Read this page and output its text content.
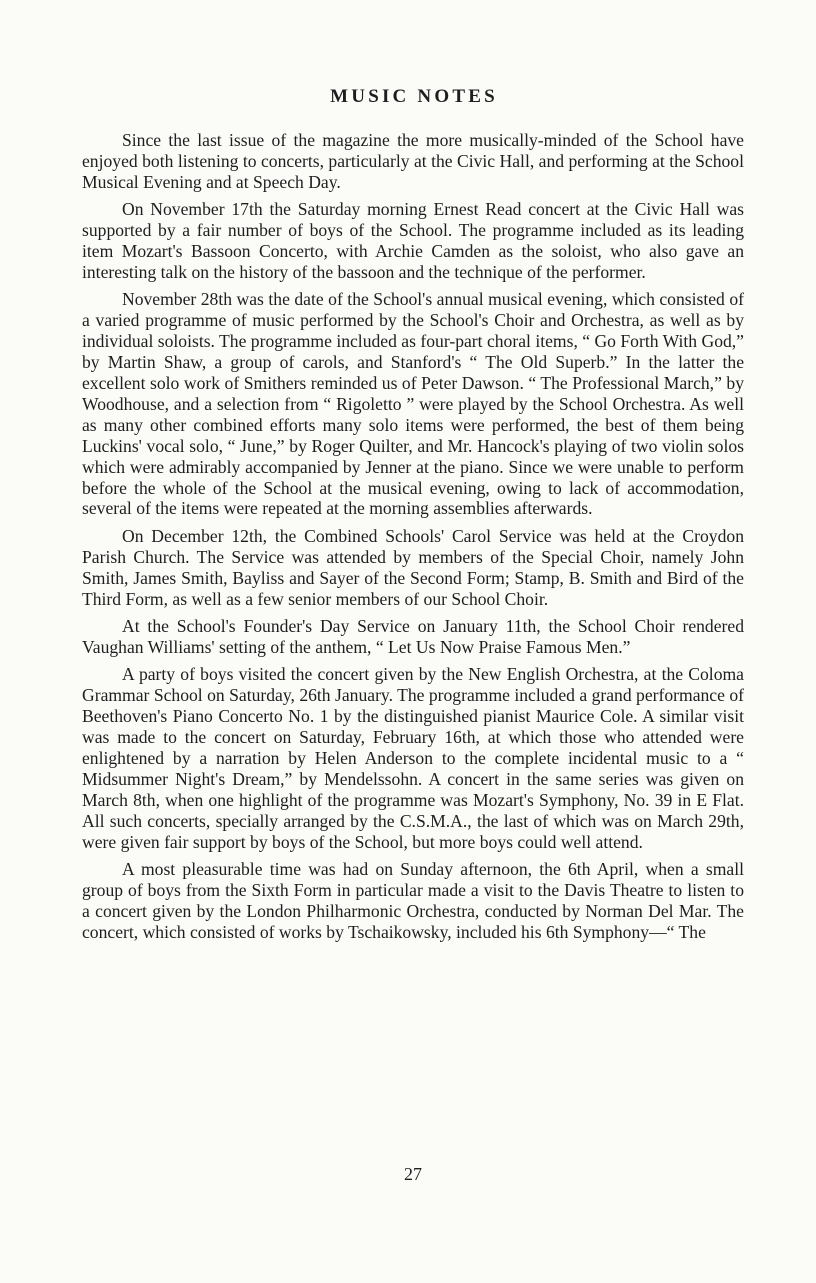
MUSIC NOTES

Since the last issue of the magazine the more musically-minded of the School have enjoyed both listening to concerts, particularly at the Civic Hall, and performing at the School Musical Evening and at Speech Day.

On November 17th the Saturday morning Ernest Read concert at the Civic Hall was supported by a fair number of boys of the School. The programme included as its leading item Mozart's Bassoon Concerto, with Archie Camden as the soloist, who also gave an interesting talk on the history of the bassoon and the technique of the performer.

November 28th was the date of the School's annual musical evening, which consisted of a varied programme of music performed by the School's Choir and Orchestra, as well as by individual soloists. The programme included as four-part choral items, “ Go Forth With God,” by Martin Shaw, a group of carols, and Stanford's “ The Old Superb.” In the latter the excellent solo work of Smithers reminded us of Peter Dawson. “ The Professional March,” by Woodhouse, and a selection from “ Rigoletto ” were played by the School Orchestra. As well as many other combined efforts many solo items were performed, the best of them being Luckins' vocal solo, “ June,” by Roger Quilter, and Mr. Hancock's playing of two violin solos which were admirably accompanied by Jenner at the piano. Since we were unable to perform before the whole of the School at the musical evening, owing to lack of accommodation, several of the items were repeated at the morning assemblies afterwards.

On December 12th, the Combined Schools' Carol Service was held at the Croydon Parish Church. The Service was attended by members of the Special Choir, namely John Smith, James Smith, Bayliss and Sayer of the Second Form; Stamp, B. Smith and Bird of the Third Form, as well as a few senior members of our School Choir.

At the School's Founder's Day Service on January 11th, the School Choir rendered Vaughan Williams' setting of the anthem, “ Let Us Now Praise Famous Men.”

A party of boys visited the concert given by the New English Orchestra, at the Coloma Grammar School on Saturday, 26th January. The programme included a grand performance of Beethoven's Piano Concerto No. 1 by the distinguished pianist Maurice Cole. A similar visit was made to the concert on Saturday, February 16th, at which those who attended were enlightened by a narration by Helen Anderson to the complete incidental music to a “ Midsummer Night's Dream,” by Mendelssohn. A concert in the same series was given on March 8th, when one highlight of the programme was Mozart's Symphony, No. 39 in E Flat. All such concerts, specially arranged by the C.S.M.A., the last of which was on March 29th, were given fair support by boys of the School, but more boys could well attend.

A most pleasurable time was had on Sunday afternoon, the 6th April, when a small group of boys from the Sixth Form in particular made a visit to the Davis Theatre to listen to a concert given by the London Philharmonic Orchestra, conducted by Norman Del Mar. The concert, which consisted of works by Tschaikowsky, included his 6th Symphony—“ The

27
